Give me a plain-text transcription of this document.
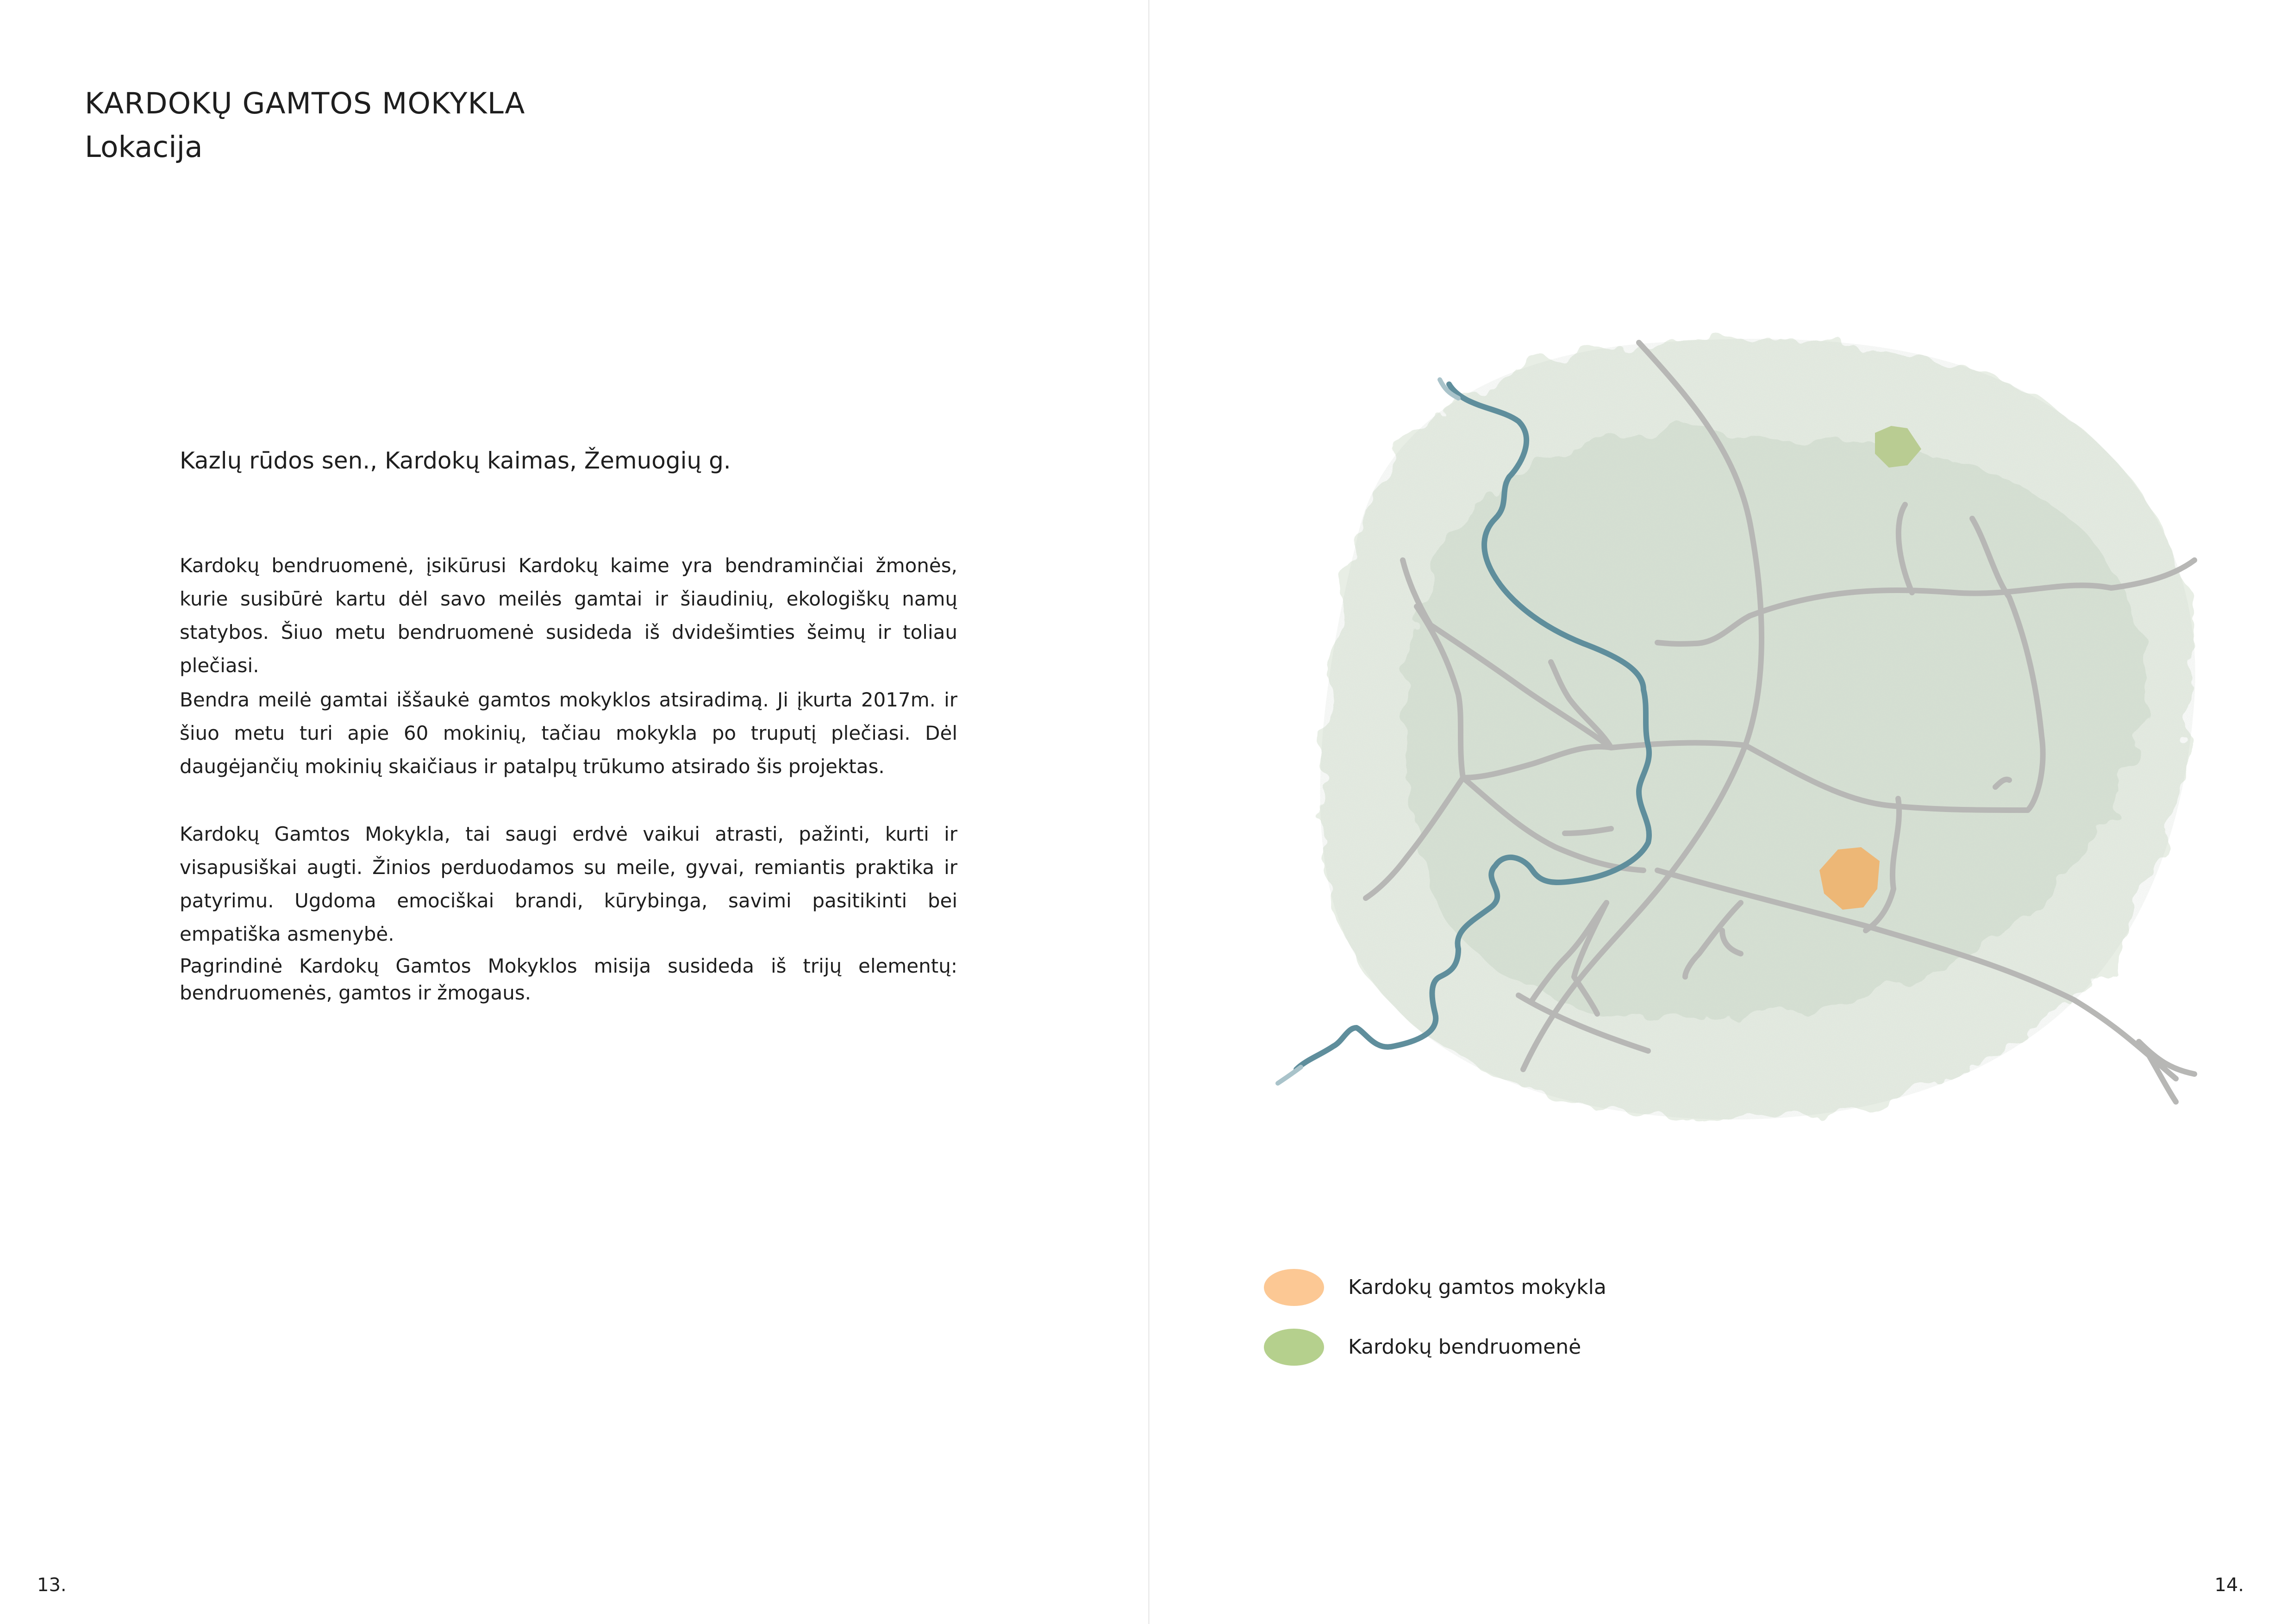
KARDOKŲ GAMTOS MOKYKLA
Lokacija
Kazlų rūdos sen., Kardokų kaimas, Žemuogių g.
Kardokų bendruomenė, įsikūrusi Kardokų kaime yra bendraminčiai žmonės, kurie susibūrė kartu dėl savo meilės gamtai ir šiaudinių, ekologiškų namų statybos. Šiuo metu bendruomenė susideda iš dvidešimties šeimų ir toliau plečiasi.
Bendra meilė gamtai iššaukė gamtos mokyklos atsiradimą. Ji įkurta 2017m. ir šiuo metu turi apie 60 mokinių, tačiau mokykla po truputį plečiasi. Dėl daugėjančių mokinių skaičiaus ir patalpų trūkumo atsirado šis projektas.
Kardokų Gamtos Mokykla, tai saugi erdvė vaikui atrasti, pažinti, kurti ir visapusiškai augti. Žinios perduodamos su meile, gyvai, remiantis praktika ir patyrimu. Ugdoma emociškai brandi, kūrybinga, savimi pasitikinti bei empatiška asmenybė.
Pagrindinė Kardokų Gamtos Mokyklos misija susideda iš trijų elementų: bendruomenės, gamtos ir žmogaus.
Kardokų gamtos mokykla
Kardokų bendruomenė
13.	14.
